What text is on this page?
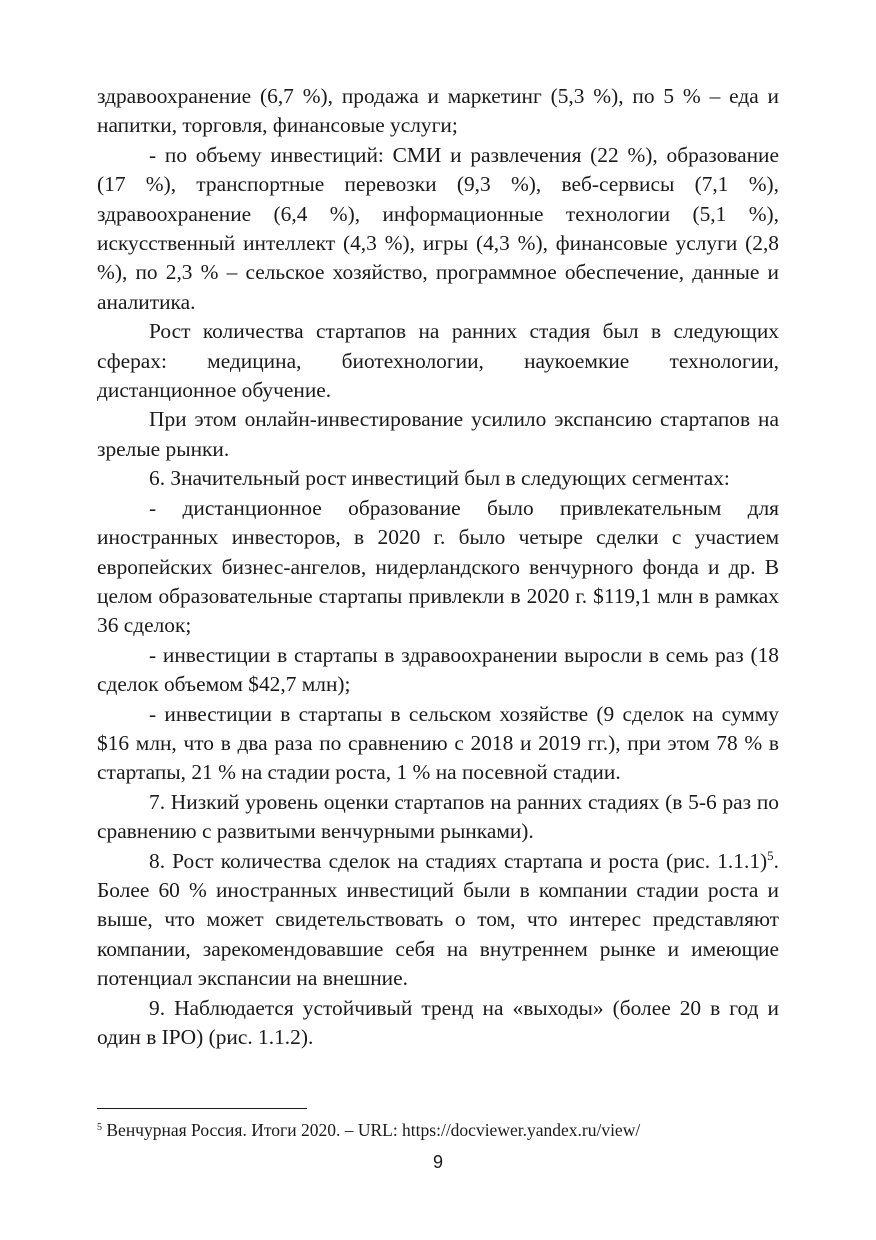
здравоохранение (6,7 %), продажа и маркетинг (5,3 %), по 5 % – еда и напитки, торговля, финансовые услуги;

- по объему инвестиций: СМИ и развлечения (22 %), образование (17 %), транспортные перевозки (9,3 %), веб-сервисы (7,1 %), здравоохранение (6,4 %), информационные технологии (5,1 %), искусственный интеллект (4,3 %), игры (4,3 %), финансовые услуги (2,8 %), по 2,3 % – сельское хозяйство, программное обеспечение, данные и аналитика.

Рост количества стартапов на ранних стадия был в следующих сферах: медицина, биотехнологии, наукоемкие технологии, дистанционное обучение.

При этом онлайн-инвестирование усилило экспансию стартапов на зрелые рынки.

6. Значительный рост инвестиций был в следующих сегментах:

- дистанционное образование было привлекательным для иностранных инвесторов, в 2020 г. было четыре сделки с участием европейских бизнес-ангелов, нидерландского венчурного фонда и др. В целом образовательные стартапы привлекли в 2020 г. $119,1 млн в рамках 36 сделок;

- инвестиции в стартапы в здравоохранении выросли в семь раз (18 сделок объемом $42,7 млн);

- инвестиции в стартапы в сельском хозяйстве (9 сделок на сумму $16 млн, что в два раза по сравнению с 2018 и 2019 гг.), при этом 78 % в стартапы, 21 % на стадии роста, 1 % на посевной стадии.

7. Низкий уровень оценки стартапов на ранних стадиях (в 5-6 раз по сравнению с развитыми венчурными рынками).

8. Рост количества сделок на стадиях стартапа и роста (рис. 1.1.1)$^5$. Более 60 % иностранных инвестиций были в компании стадии роста и выше, что может свидетельствовать о том, что интерес представляют компании, зарекомендовавшие себя на внутреннем рынке и имеющие потенциал экспансии на внешние.

9. Наблюдается устойчивый тренд на «выходы» (более 20 в год и один в IPO) (рис. 1.1.2).

$^5$ Венчурная Россия. Итоги 2020. – URL: https://docviewer.yandex.ru/view/
9
